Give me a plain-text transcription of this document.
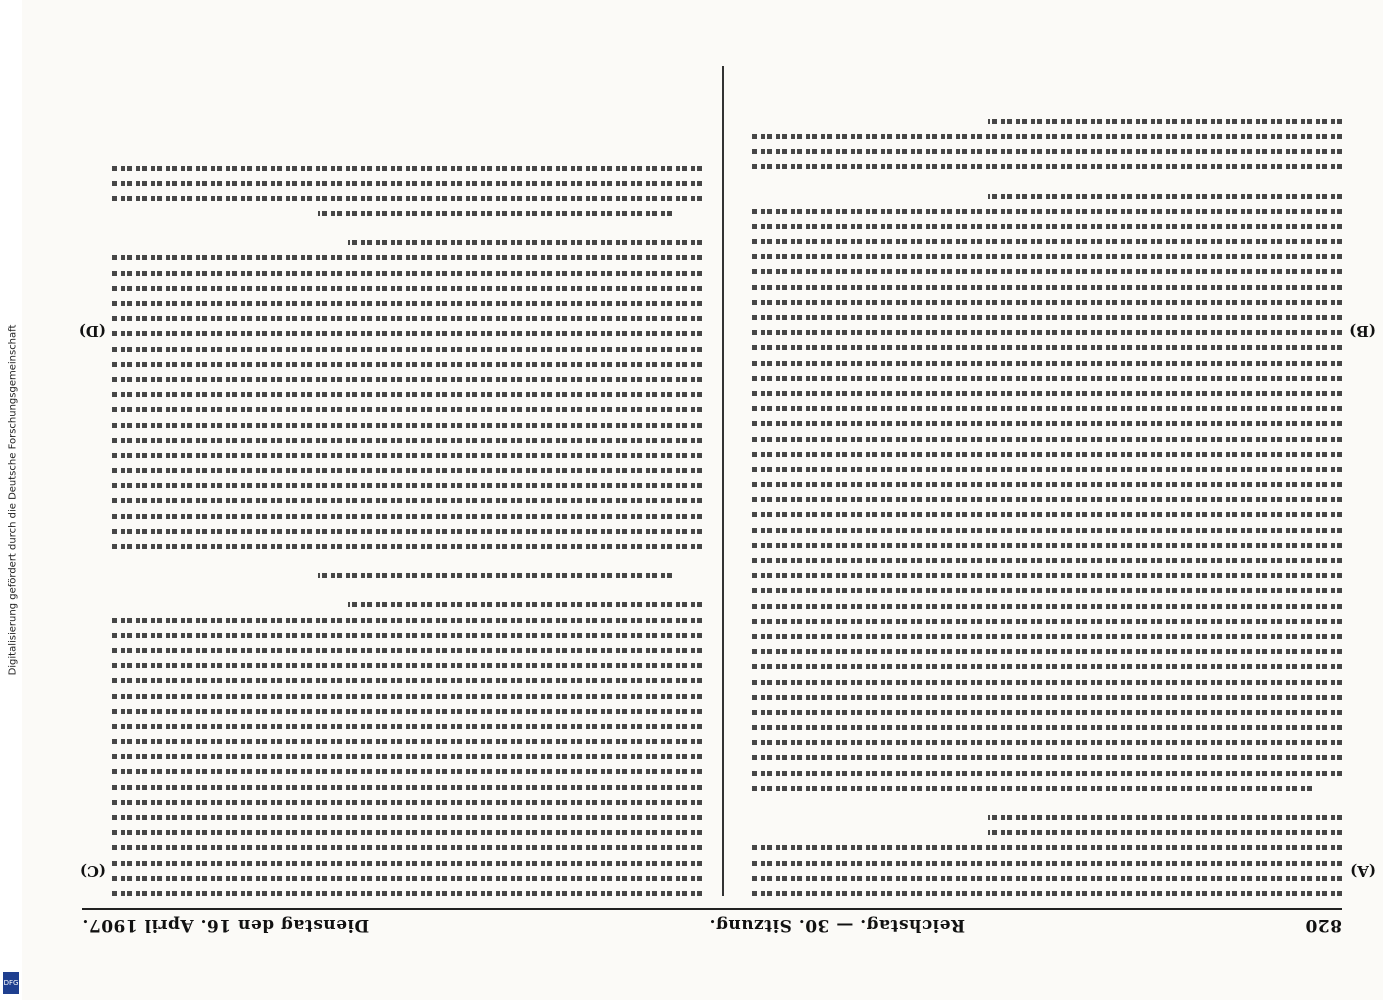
Digitalisierung gefördert durch die Deutsche Forschungsgemeinschaft
DFG
820
Reichstag. — 30. Sitzung.
Dienstag den 16. April 1907.
(A)
(B)
(C)
(D)
